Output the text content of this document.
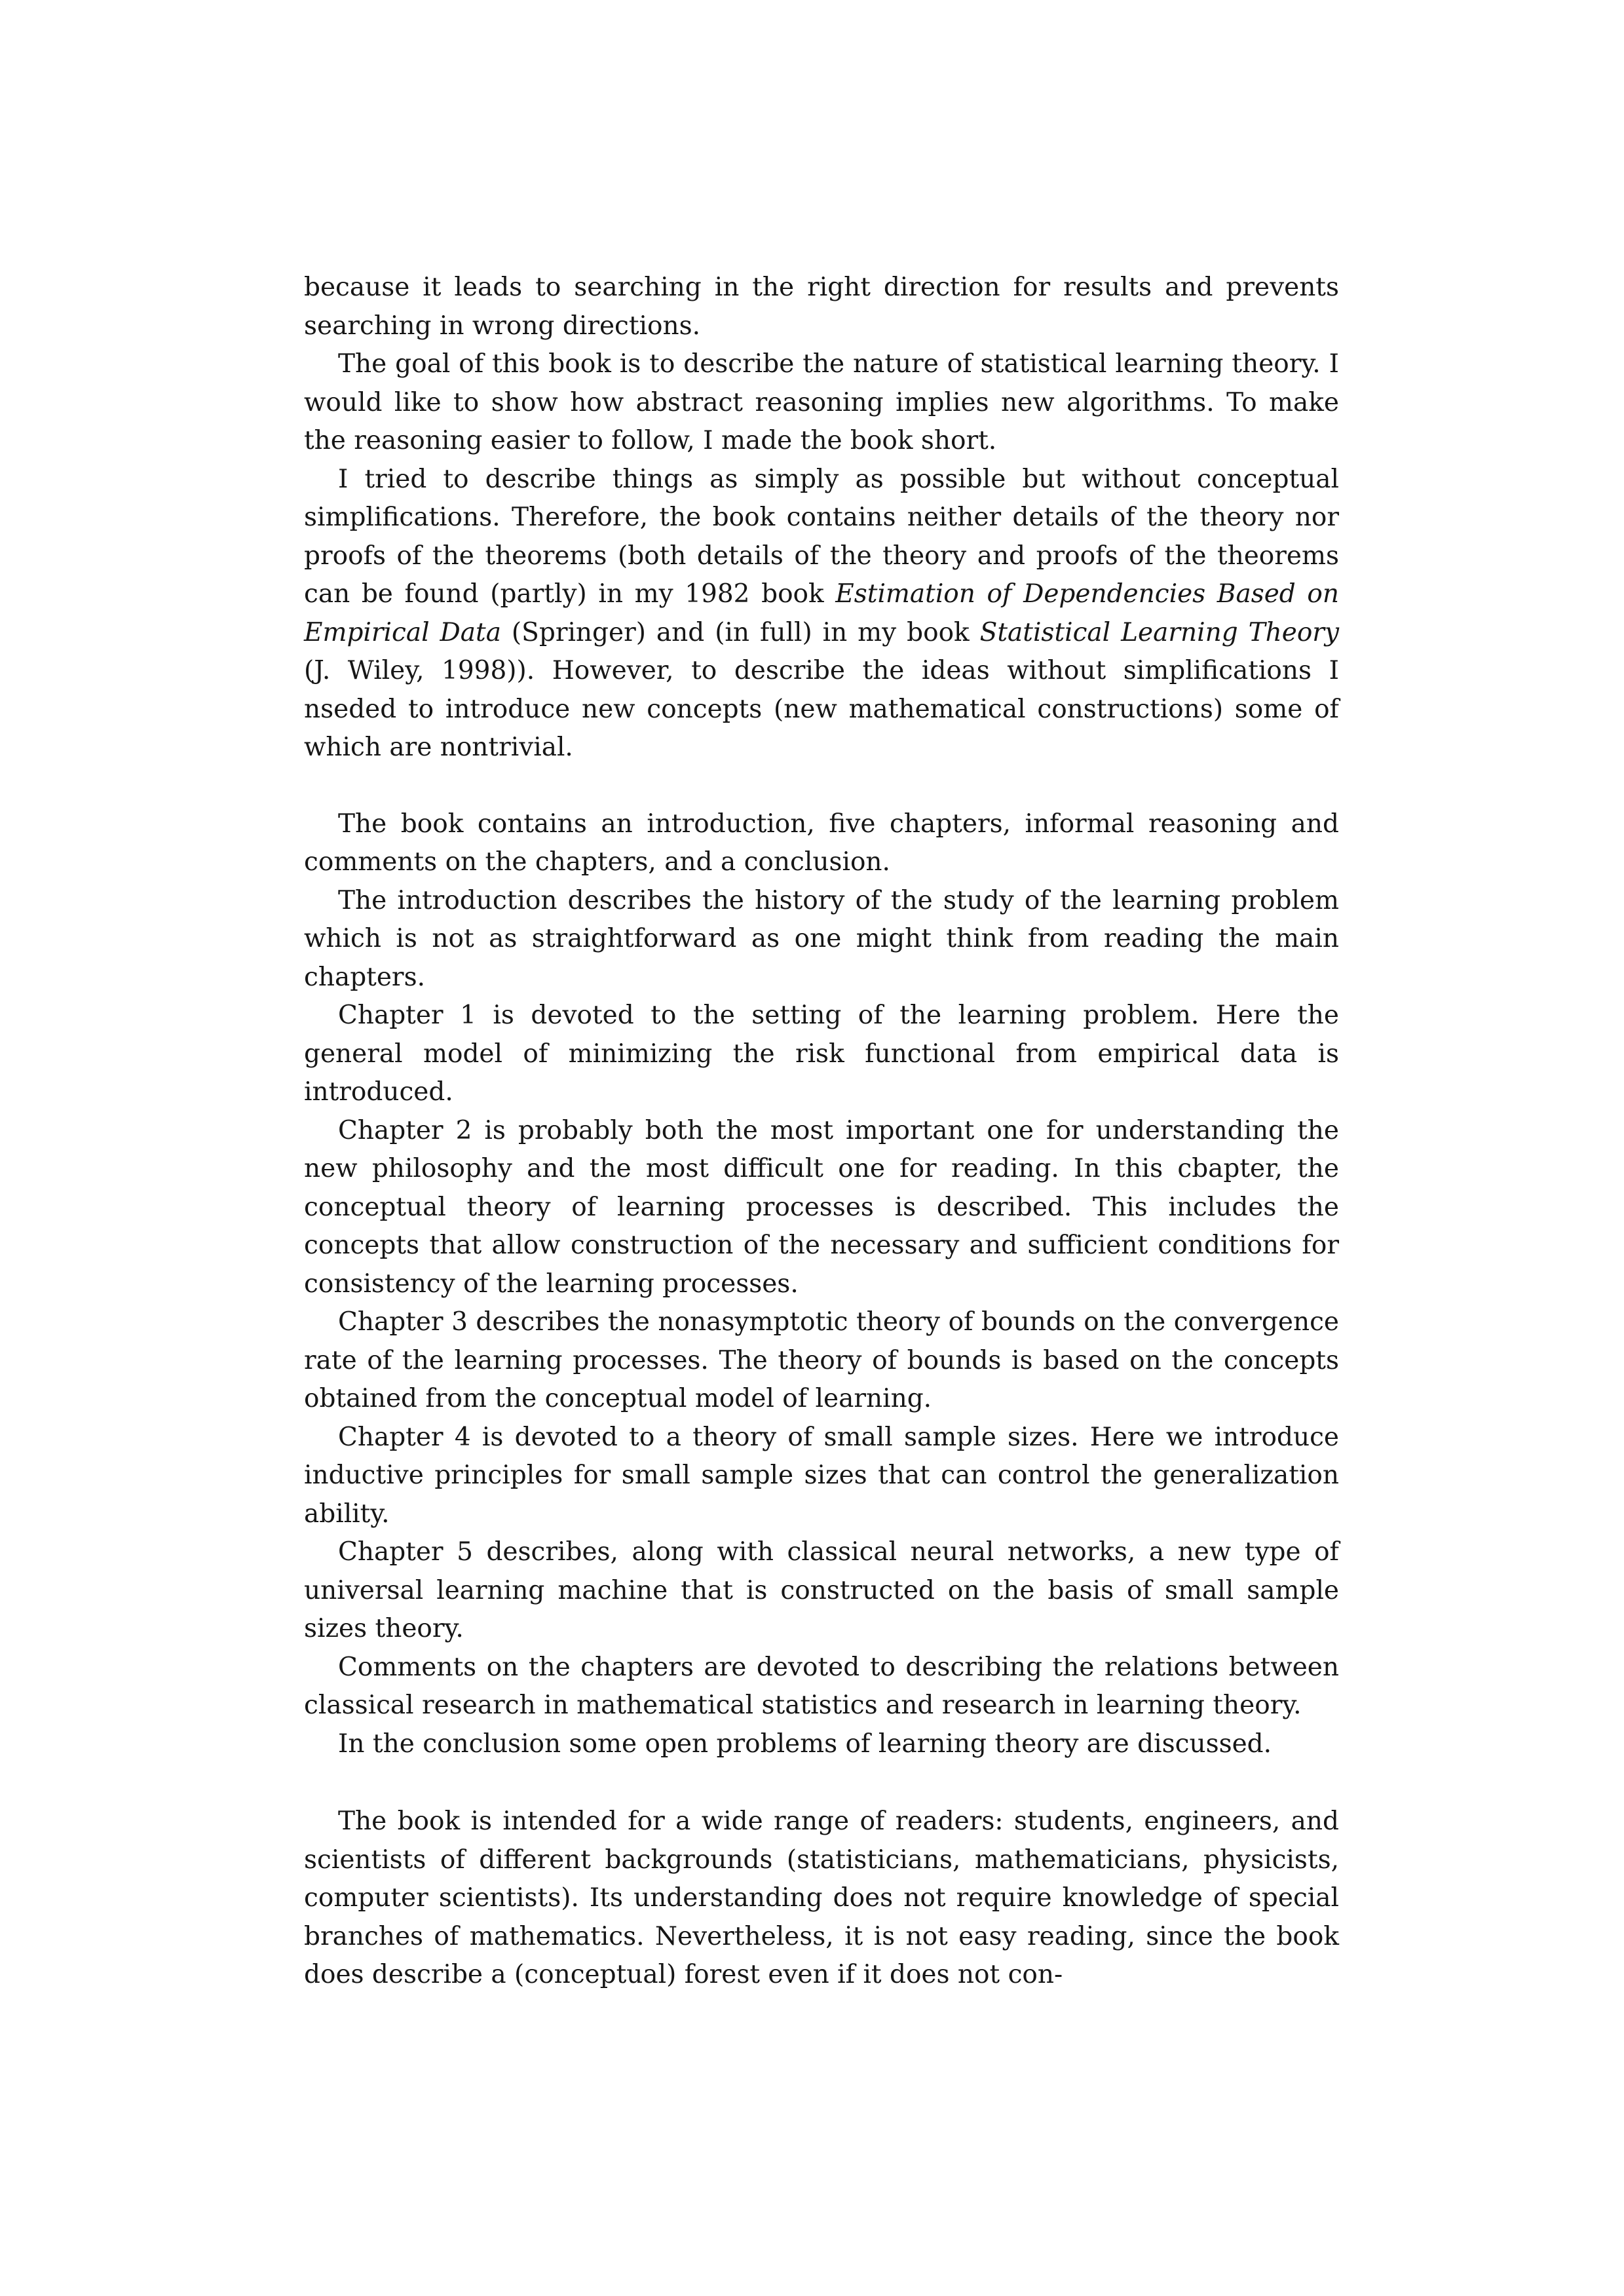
because it leads to searching in the right direction for results and prevents searching in wrong directions.

The goal of this book is to describe the nature of statistical learning theory. I would like to show how abstract reasoning implies new algorithms. To make the reasoning easier to follow, I made the book short.

I tried to describe things as simply as possible but without conceptual simplifications. Therefore, the book contains neither details of the theory nor proofs of the theorems (both details of the theory and proofs of the theorems can be found (partly) in my 1982 book Estimation of Dependencies Based on Empirical Data (Springer) and (in full) in my book Statistical Learning Theory (J. Wiley, 1998)). However, to describe the ideas without simplifications I nseded to introduce new concepts (new mathematical constructions) some of which are nontrivial.

The book contains an introduction, five chapters, informal reasoning and comments on the chapters, and a conclusion.

The introduction describes the history of the study of the learning problem which is not as straightforward as one might think from reading the main chapters.

Chapter 1 is devoted to the setting of the learning problem. Here the general model of minimizing the risk functional from empirical data is introduced.

Chapter 2 is probably both the most important one for understanding the new philosophy and the most difficult one for reading. In this cbapter, the conceptual theory of learning processes is described. This includes the concepts that allow construction of the necessary and sufficient conditions for consistency of the learning processes.

Chapter 3 describes the nonasymptotic theory of bounds on the convergence rate of the learning processes. The theory of bounds is based on the concepts obtained from the conceptual model of learning.

Chapter 4 is devoted to a theory of small sample sizes. Here we introduce inductive principles for small sample sizes that can control the generalization ability.

Chapter 5 describes, along with classical neural networks, a new type of universal learning machine that is constructed on the basis of small sample sizes theory.

Comments on the chapters are devoted to describing the relations between classical research in mathematical statistics and research in learning theory.

In the conclusion some open problems of learning theory are discussed.

The book is intended for a wide range of readers: students, engineers, and scientists of different backgrounds (statisticians, mathematicians, physicists, computer scientists). Its understanding does not require knowledge of special branches of mathematics. Nevertheless, it is not easy reading, since the book does describe a (conceptual) forest even if it does not con-
